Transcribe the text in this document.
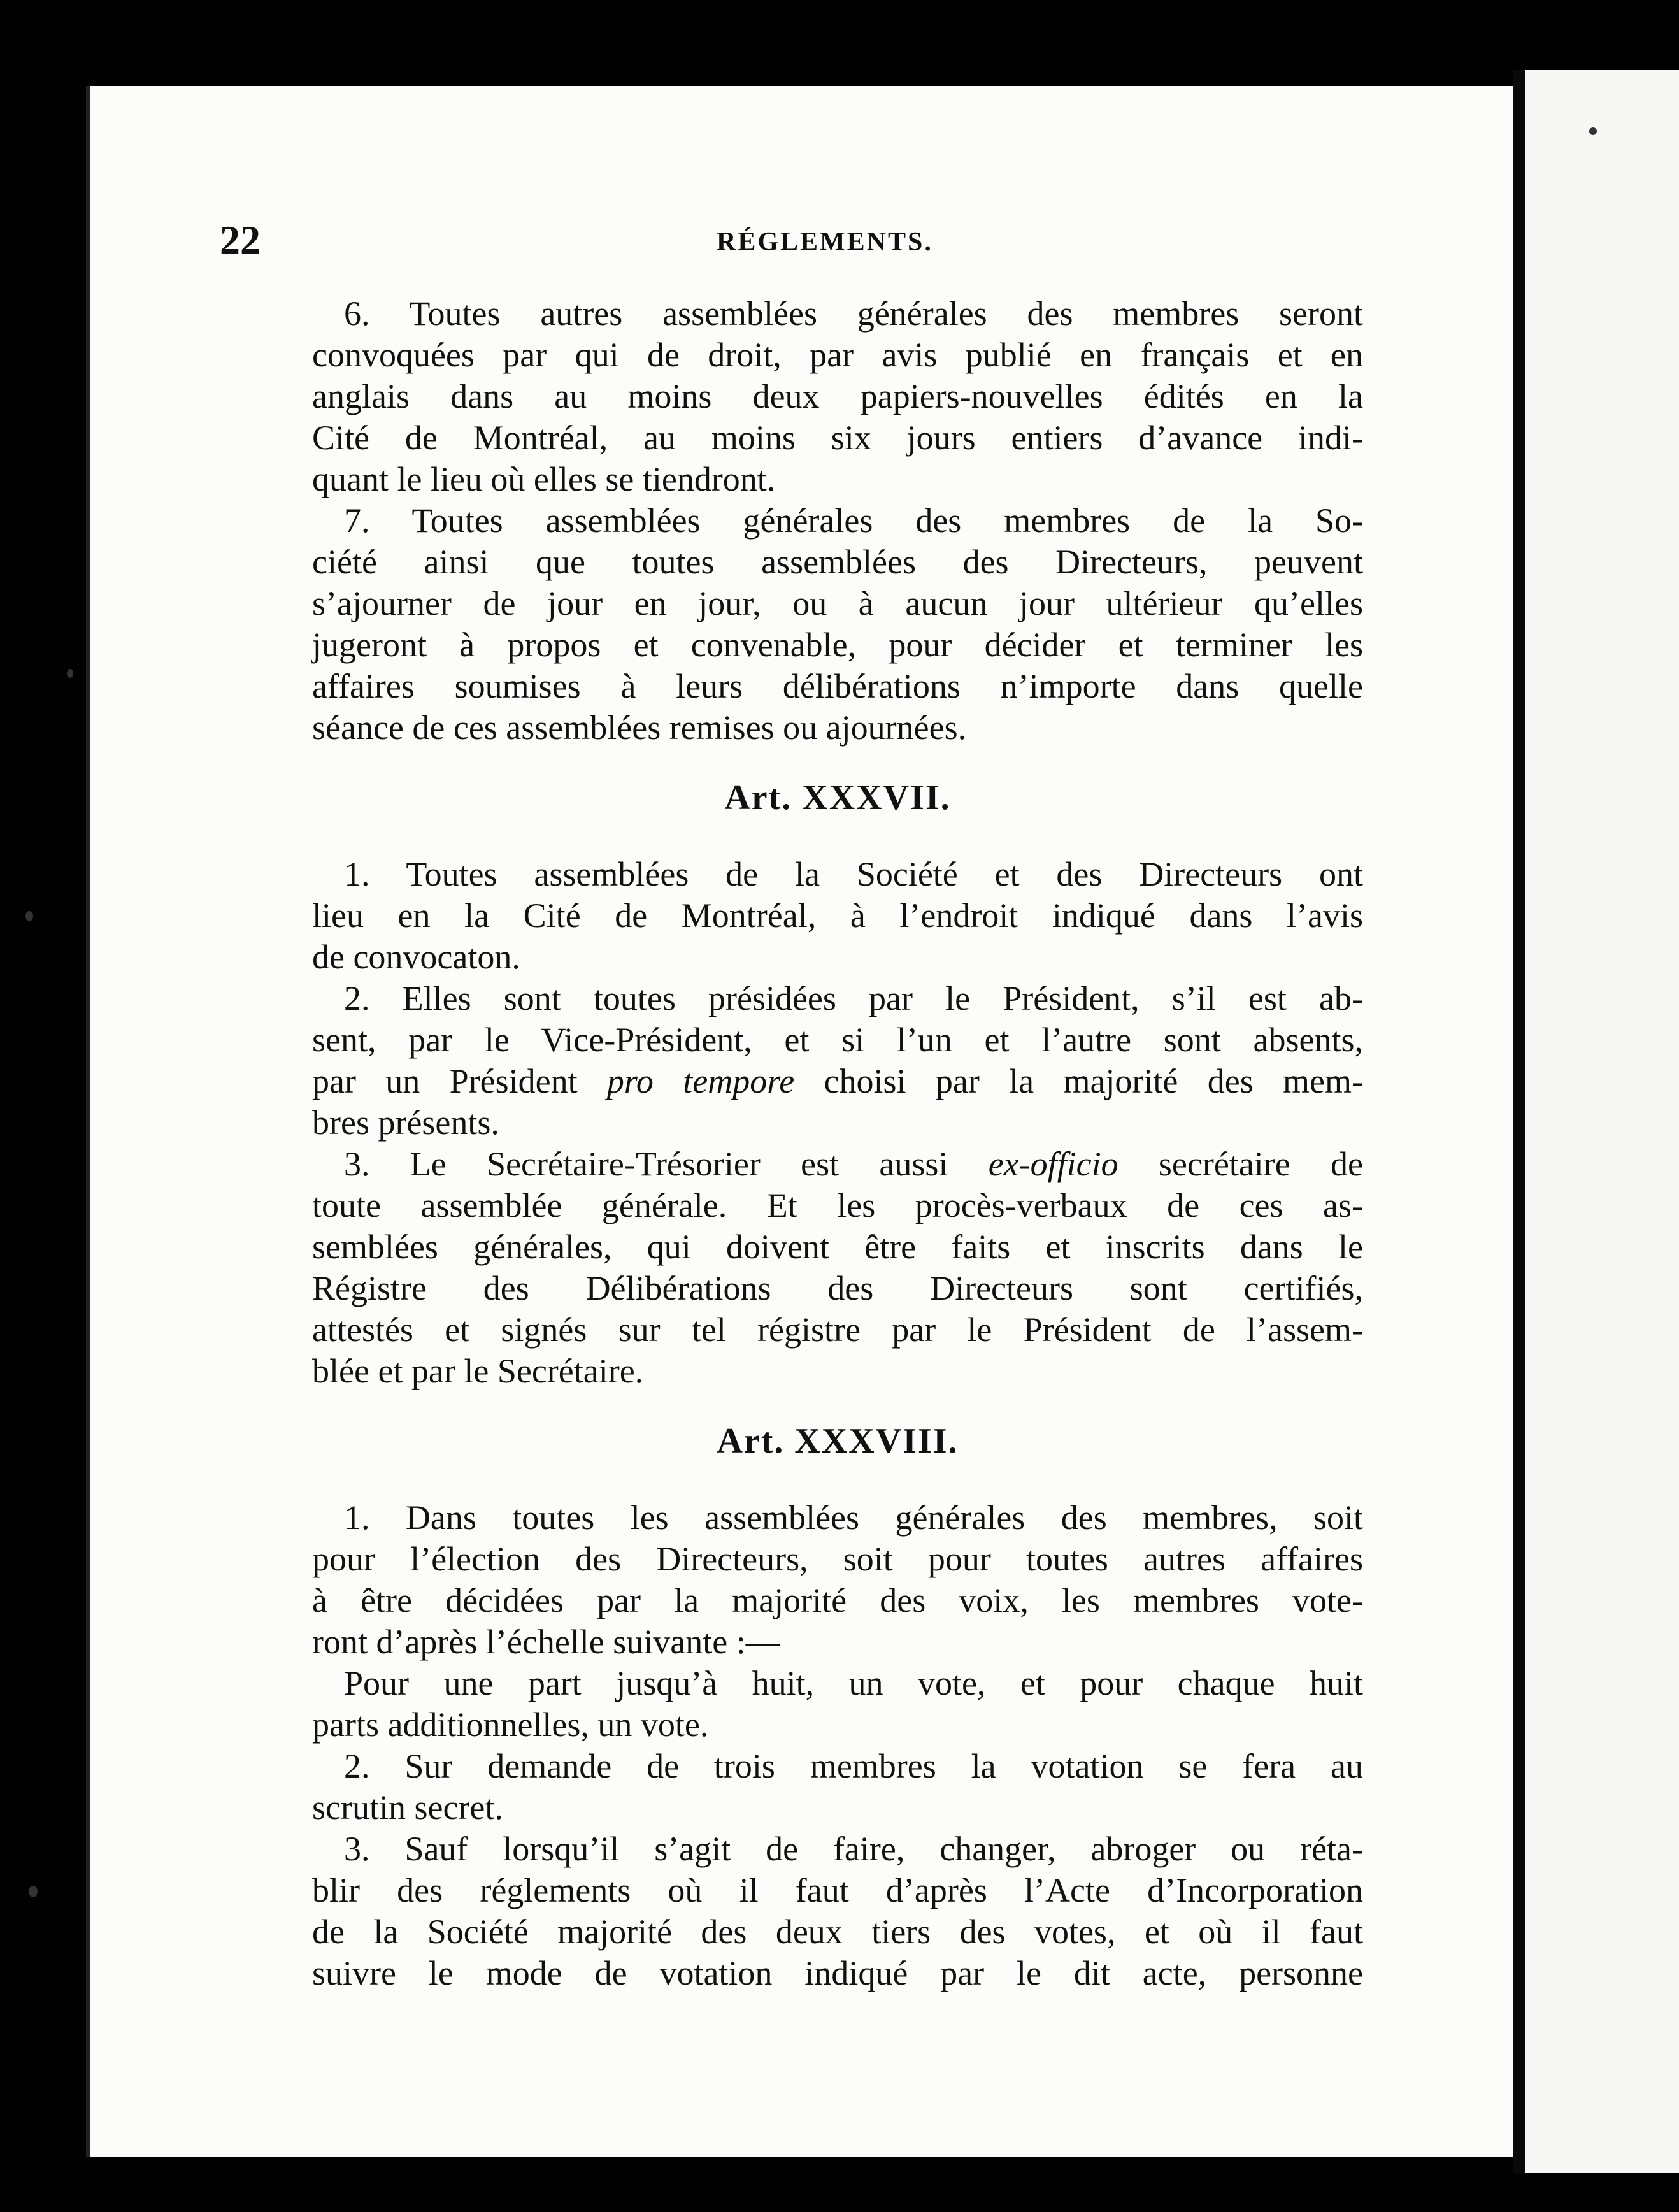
22	RÉGLEMENTS.
6. Toutes autres assemblées générales des membres seront
convoquées par qui de droit, par avis publié en français et en
anglais dans au moins deux papiers-nouvelles édités en la
Cité de Montréal, au moins six jours entiers d’avance indi-
quant le lieu où elles se tiendront.
7. Toutes assemblées générales des membres de la So-
ciété ainsi que toutes assemblées des Directeurs, peuvent
s’ajourner de jour en jour, ou à aucun jour ultérieur qu’elles
jugeront à propos et convenable, pour décider et terminer les
affaires soumises à leurs délibérations n’importe dans quelle
séance de ces assemblées remises ou ajournées.
Art. XXXVII.
1. Toutes assemblées de la Société et des Directeurs ont
lieu en la Cité de Montréal, à l’endroit indiqué dans l’avis
de convocaton.
2. Elles sont toutes présidées par le Président, s’il est ab-
sent, par le Vice-Président, et si l’un et l’autre sont absents,
par un Président pro tempore choisi par la majorité des mem-
bres présents.
3. Le Secrétaire-Trésorier est aussi ex-officio secrétaire de
toute assemblée générale. Et les procès-verbaux de ces as-
semblées générales, qui doivent être faits et inscrits dans le
Régistre des Délibérations des Directeurs sont certifiés,
attestés et signés sur tel régistre par le Président de l’assem-
blée et par le Secrétaire.
Art. XXXVIII.
1. Dans toutes les assemblées générales des membres, soit
pour l’élection des Directeurs, soit pour toutes autres affaires
à être décidées par la majorité des voix, les membres vote-
ront d’après l’échelle suivante :—
Pour une part jusqu’à huit, un vote, et pour chaque huit
parts additionnelles, un vote.
2. Sur demande de trois membres la votation se fera au
scrutin secret.
3. Sauf lorsqu’il s’agit de faire, changer, abroger ou réta-
blir des réglements où il faut d’après l’Acte d’Incorporation
de la Société majorité des deux tiers des votes, et où il faut
suivre le mode de votation indiqué par le dit acte, personne
